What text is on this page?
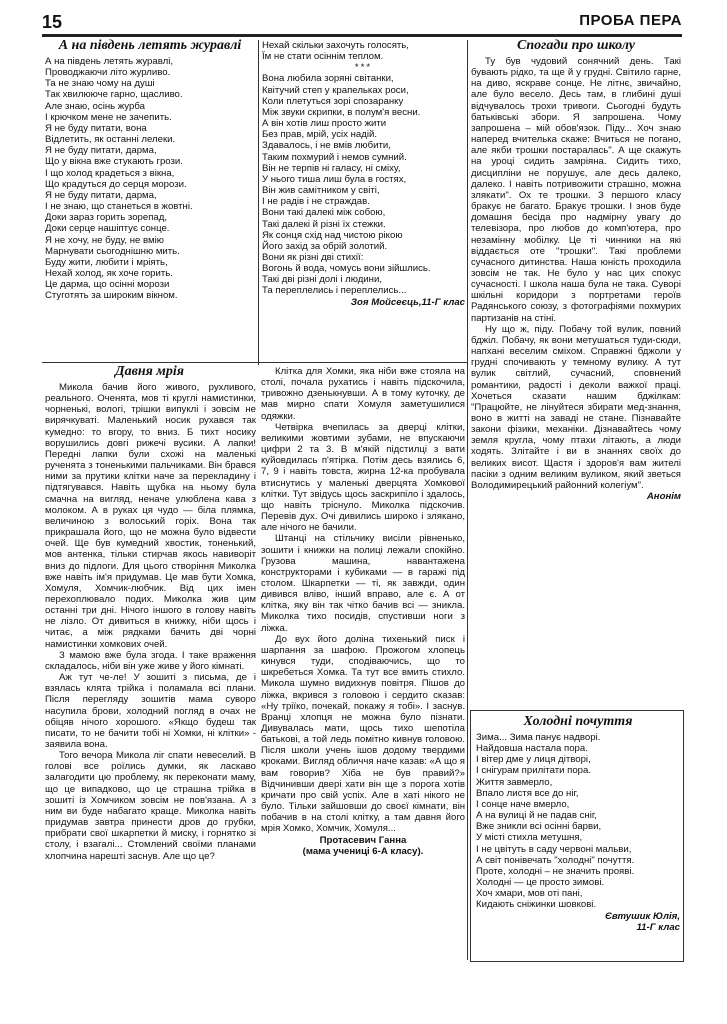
15	ПРОБА ПЕРА
А на південь летять журавлі
А на південь летять журавлі,
Проводжаючи літо журливо.
Та не знаю чому на душі
Так хвилююче гарно, щасливо.
Але знаю, осінь журба
І крючком мене не зачепить.
Я не буду питати, вона
Відлетить, як останні лелеки.
Я не буду питати, дарма,
Що у вікна вже стукають грози.
І що холод крадеться з вікна,
Що крадуться до серця морози.
Я не буду питати, дарма,
І не знаю, що станеться в жовтні.
Доки зараз горить зорепад,
Доки серце нашіптує сонце.
Я не хочу, не буду, не вмію
Марнувати сьогоднішню мить.
Буду жити, любити і мріять,
Нехай холод, як хоче горить.
Це дарма, що осінні морози
Стуготять за широким вікном.
Нехай скільки захочуть голосять,
Їм не стати осіннім теплом.
***
Вона любила зоряні світанки,
Квітучий степ у крапельках роси,
Коли плетуться зорі спозаранку
Між звуки скрипки, в полум'я весни.
А він хотів лиш просто жити
Без прав, мрій, усіх надій.
Здавалось, і не вмів любити,
Таким похмурий і немов сумний.
Він не терпів ні галасу, ні сміху,
У нього тиша лиш була в гостях,
Він жив самітником у світі,
І не радів і не страждав.
Вони такі далекі між собою,
Такі далекі й різні їх стежки.
Як сонця схід над чистою рікою
Його захід за обрій золотий.
Вони як різні дві стихії:
Вогонь й вода, чомусь вони зійшлись.
Такі дві різні долі і людини,
Та переплелись і переплелись...
Зоя Мойсеєць,11-Г клас
Давня мрія

Микола бачив його живого, рухливого, реального. Оченята, мов ті круглі намистинки, чорненькі, вологі, трішки випуклі і зовсім не вирячкуваті. Маленький носик рухався так кумедно: то вгору, то вниз. Б тихт носику ворушились довгі рижечі вусики. А лапки! Передні лапки були схожі на маленькі рученята з тоненькими пальчиками. Він брався ними за прутики клітки наче за перекладину і підтягувався. Навіть щубка на ньому була смачна на вигляд, неначе улюблена кава з молоком. А в руках ця чудо — біла плямка, величиною з волоський горіх. Вона так прикрашала його, що не можна було відвести очей. Ще був кумедний хвостик, тоненький, мов антенка, тільки стирчав якось навиворіт вниз до підлоги. Для цього створіння Миколка вже навіть ім'я придумав. Це мав бути Хомка, Хомуля, Хомчик-любчик. Від цих імен перехоплювало подих. Миколка жив цим останні три дні. Нічого іншого в голову навіть не лізло. От дивиться в книжку, ніби щось і читає, а між рядками бачить дві чорні намистинки хомкових очей.

З мамою вже була згода. І таке враження складалось, ніби він уже живе у його кімнаті.

Аж тут че-ле! У зошиті з письма, де і взялась клята трійка і поламала всі плани. Після перегляду зошитів мама суворо насупила брови, холодний погляд в очах не обіцяв нічого хорошого. «Якщо будеш так писати, то не бачити тобі ні Хомки, ні клітки» - заявила вона.

Того вечора Микола ліг спати невеселий. В голові все роїлись думки, як ласкаво залагодити цю проблему, як переконати маму, що це випадково, що це страшна трійка в зошиті із Хомчиком зовсім не пов'язана. А з ним ви буде набагато краще. Миколка навіть придумав завтра принести дров до грубки, прибрати свої шкарпетки й миску, і горнятко зі столу, і взагалі... Стомлений своїми планами хлопчина нарешті заснув. Але що це?

Клітка для Хомки, яка ніби вже стояла на столі, почала рухатись і навіть підскочила, тривожно дзенькнувши. А в тому куточку, де мав мирно спати Хомуля заметушилися одяжки.

Четвірка вчепилась за дверці клітки, великими жовтими зубами, не впускаючи цифри 2 та 3. В м'якій підстилці з вати куйовдилась п'ятірка. Потім десь взялись 6, 7, 9 і навіть товста, жирна 12-ка пробувала втиснутись у маленькі дверцята Хомкової клітки. Тут звідусь щось заскрипіло і здалось, що навіть тріснуло. Миколка підскочив. Перевів дух. Очі дивились широко і зляканo, але нічого не бачили.

Штанці на стільчику висіли рівненько, зошити і книжки на полиці лежали спокійно. Грузова машина, навантажена конструкторами і кубиками — в гаражі під столом. Шкарпетки — ті, як завжди, один дивився вліво, інший вправо, але є. А от клітка, яку він так чітко бачив всі — зникла. Миколка тихо посидів, спустивши ноги з ліжка.

До вух його доліна тихенький писк і шарпання за шафою. Прожогом хлопець кинувся туди, сподіваючись, що то шкребеться Хомка. Та тут все вмить стихло. Микола шумно видихнув повітря. Пішов до ліжка, вкрився з головою і сердито сказав: «Ну тріїко, почекай, покажу я тобі». І заснув. Вранці хлопця не можна було пізнати. Дивувалась мати, щось тихо шепотіла батькові, а той ледь помітно кивнув головою. Після школи учень ішов додому твердими кроками. Вигляд обличчя наче казав: «А що я вам говорив? Хіба не був правий?» Відчинивши двері хати він ще з порога хотів кричати про свій успіх. Але в хаті нікого не було. Тільки зайшовши до своєї кімнати, він побачив в на столі клітку, а там давня його мрія Хомко, Хомчик, Хомуля...

Протасевич Ганна
(мама учениці 6-А класу).
Спогади про школу

Ту був чудовий сонячний день. Такі бувають рідко, та ще й у грудні. Світило гарне, на диво, яскраве сонце. Не літнє, звичайно, але було весело. Десь там, в глибині душі відчувалось трохи тривоги. Сьогодні будуть батьківські збори. Я запрошена. Чому запрошена – мій обов'язок. Піду... Хоч знаю наперед вчителька скаже: Вчиться не погано, але якби трошки постаралась". А ще скажуть на уроці сидить замріяна. Сидить тихо, дисципліни не порушує, але десь далеко, далеко. І навіть потривожити страшно, можна злякати". Ох те трошки. З першого класу бракує не багато. Бракує трошки. І знов буде домашня бесіда про надмірну увагу до телевізора, про любов до комп'ютера, про незамінну мобілку. Це ті чинники на які віддається оте "трошки". Такі проблеми сучасного дитинства. Наша юність проходила зовсім не так. Не було у нас цих спокус сучасності. І школа наша була не така. Суворі шкільні коридори з портретами героїв Радянського союзу, з фотографіями похмурих партизанів на стіні.

Ну що ж, піду. Побачу той вулик, повний бджіл. Побачу, як вони метушаться туди-сюди, напхані веселим сміхом. Справжні бджоли у грудні спочивають у темному вулику. А тут вулик світлий, сучасний, сповнений романтики, радості і деколи важкої праці. Хочеться сказати нашим бджілкам: "Працюйте, не лінуйтеся збирати мед-знання, воно в житті на заваді не стане. Пізнавайте закони фізики, механіки. Дізнавайтесь чому земля кругла, чому птахи літають, а люди ходять. Злітайте і ви в знаннях своїх до великих висот. Щастя і здоров'я вам жителі пасіки з одним великим вуликом, який зветься Володимирецький районний колегіум".

Анонім
Холодні почуття
Зима... Зима панує надворі.
Найдовша настала пора.
І вітер дме у лиця дітворі,
І снігурам прилітати пора.
Життя завмерло,
Впало листя все до ніг,
І сонце наче вмерло,
А на вулиці й не падав сніг,
Вже зникли всі осінні барви,
У місті стихла метушня,
І не цвітуть в саду червоні мальви,
А світ понівечать "холодні" почуття.
Проте, холодні – не значить прояві.
Холодні — це просто зимові.
Хоч хмари, мов оті пані,
Кидають сніжинки шовкові.
Євтушик Юлія,
11-Г клас
